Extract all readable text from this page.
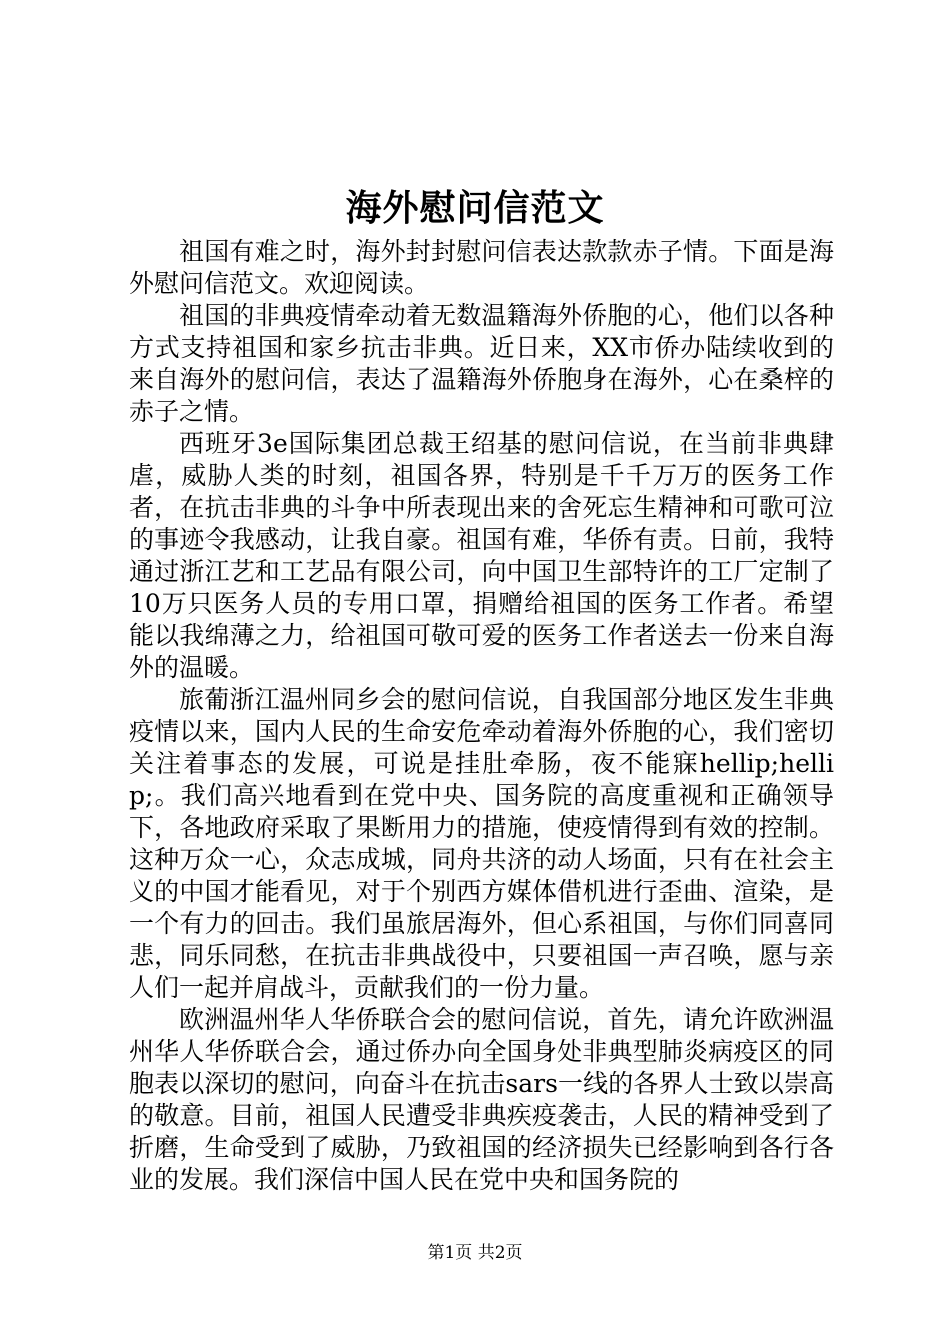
海外慰问信范文

祖国有难之时，海外封封慰问信表达款款赤子情。下面是海外慰问信范文。欢迎阅读。

祖国的非典疫情牵动着无数温籍海外侨胞的心，他们以各种方式支持祖国和家乡抗击非典。近日来，XX市侨办陆续收到的来自海外的慰问信，表达了温籍海外侨胞身在海外，心在桑梓的赤子之情。

西班牙3e国际集团总裁王绍基的慰问信说，在当前非典肆虐，威胁人类的时刻，祖国各界，特别是千千万万的医务工作者，在抗击非典的斗争中所表现出来的舍死忘生精神和可歌可泣的事迹令我感动，让我自豪。祖国有难，华侨有责。日前，我特通过浙江艺和工艺品有限公司，向中国卫生部特许的工厂定制了10万只医务人员的专用口罩，捐赠给祖国的医务工作者。希望能以我绵薄之力，给祖国可敬可爱的医务工作者送去一份来自海外的温暖。

旅葡浙江温州同乡会的慰问信说，自我国部分地区发生非典疫情以来，国内人民的生命安危牵动着海外侨胞的心，我们密切关注着事态的发展，可说是挂肚牵肠，夜不能寐hellip;hellip;。我们高兴地看到在党中央、国务院的高度重视和正确领导下，各地政府采取了果断用力的措施，使疫情得到有效的控制。这种万众一心，众志成城，同舟共济的动人场面，只有在社会主义的中国才能看见，对于个别西方媒体借机进行歪曲、渲染，是一个有力的回击。我们虽旅居海外，但心系祖国，与你们同喜同悲，同乐同愁，在抗击非典战役中，只要祖国一声召唤，愿与亲人们一起并肩战斗，贡献我们的一份力量。

欧洲温州华人华侨联合会的慰问信说，首先，请允许欧洲温州华人华侨联合会，通过侨办向全国身处非典型肺炎病疫区的同胞表以深切的慰问，向奋斗在抗击sars一线的各界人士致以崇高的敬意。目前，祖国人民遭受非典疾疫袭击，人民的精神受到了折磨，生命受到了威胁，乃致祖国的经济损失已经影响到各行各业的发展。我们深信中国人民在党中央和国务院的

第1页 共2页
